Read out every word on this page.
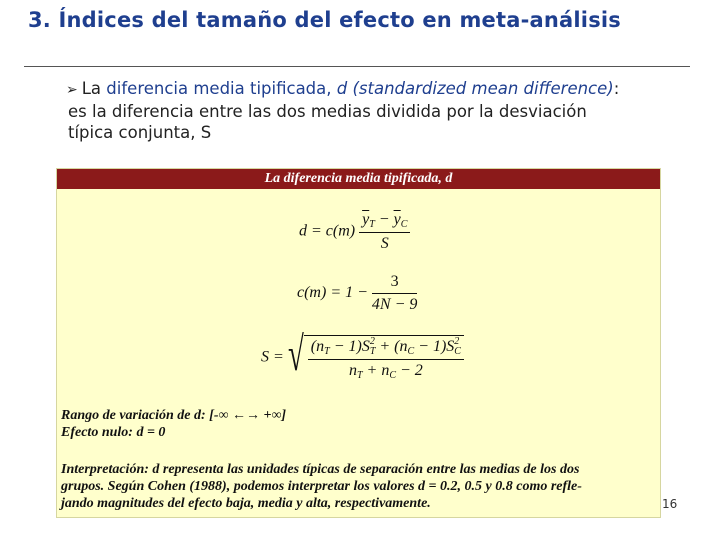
3. Índices del tamaño del efecto en meta-análisis
➢ La diferencia media tipificada, d (standardized mean difference): es la diferencia entre las dos medias dividida por la desviación típica conjunta, S
La diferencia media tipificada, d
$d = c(m) \frac{\overline{y}_T - \overline{y}_C}{S}$
$c(m) = 1 - \frac{3}{4N - 9}$
S = √ $\frac{(n_T - 1)S^2_T + (n_C - 1)S^2_C}{n_T + n_C - 2}$
Rango de variación de d: [-∞ ←→ +∞]
Efecto nulo: d = 0
Interpretación: d representa las unidades típicas de separación entre las medias de los dos
grupos. Según Cohen (1988), podemos interpretar los valores d = 0.2, 0.5 y 0.8 como refle-
jando magnitudes del efecto baja, media y alta, respectivamente.	16
